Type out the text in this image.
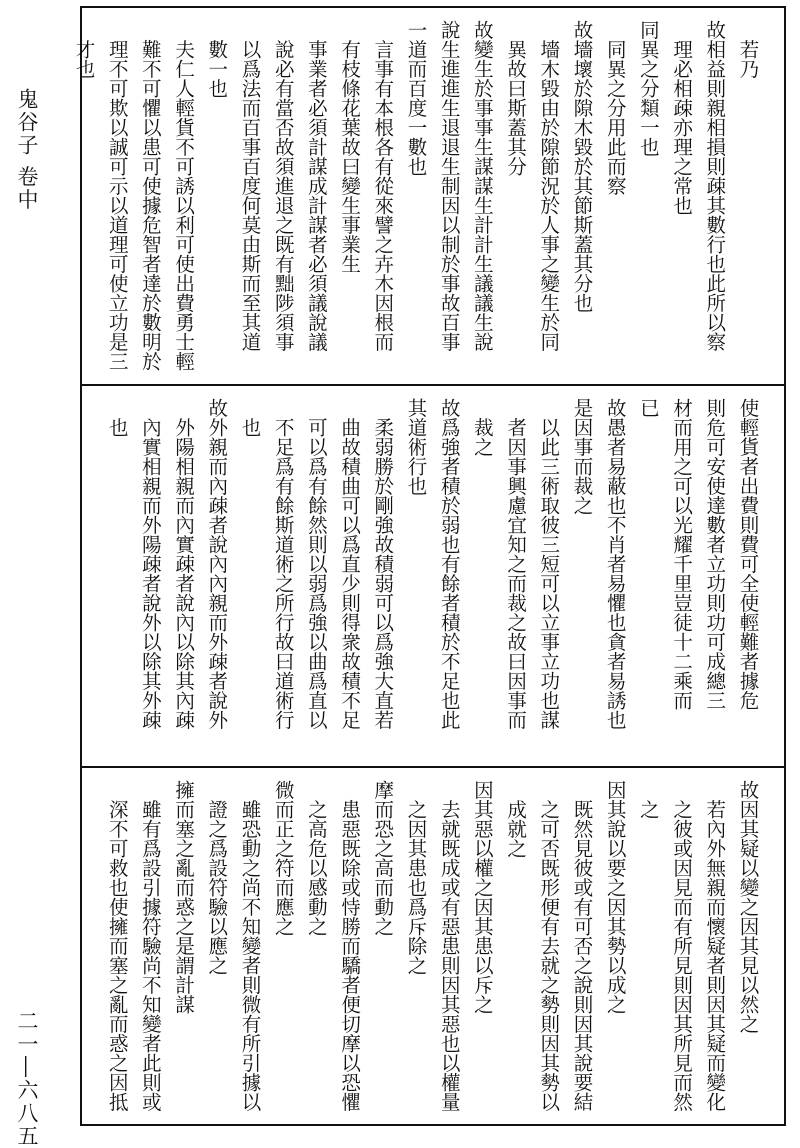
鬼谷子 卷中
二一―六八五
　若乃
故相益則親相損則疎其數行也此所以察
　理必相疎亦理之常也
同異之分類一也
　同異之分用此而察
故墻壞於隙木毀於其節斯蓋其分也
　墻木毀由於隙節況於人事之變生於同
　異故曰斯蓋其分
故變生於事事生謀謀生計計生議議生說
說生進進生退退生制因以制於事故百事
一道而百度一數也
　言事有本根各有從來譬之卉木因根而
　有枝條花葉故曰變生事業生
　事業者必須計謀成計謀者必須議說議
　說必有當否故須進退之既有黜陟須事
　以爲法而百事百度何莫由斯而至其道
　數一也
　夫仁人輕貨不可誘以利可使出費勇士輕
　難不可懼以患可使據危智者達於數明於
　理不可欺以誠可示以道理可使立功是三
　才也
使輕貨者出費則費可全使輕難者據危
則危可安使達數者立功則功可成總三
材而用之可以光耀千里豈徒十二乘而
已
故愚者易蔽也不肖者易懼也貪者易誘也
是因事而裁之
　以此三術取彼三短可以立事立功也謀
　者因事興慮宜知之而裁之故曰因事而
　裁之
故爲強者積於弱也有餘者積於不足也此
其道術行也
　柔弱勝於剛強故積弱可以爲強大直若
　曲故積曲可以爲直少則得衆故積不足
　可以爲有餘然則以弱爲強以曲爲直以
　不足爲有餘斯道術之所行故曰道術行
　也
故外親而內疎者說內內親而外疎者說外
　外陽相親而內實疎者說內以除其內疎
　內實相親而外陽疎者說外以除其外疎
　也
故因其疑以變之因其見以然之
　若內外無親而懷疑者則因其疑而變化
　之彼或因見而有所見則因其所見而然
　之
因其說以要之因其勢以成之
　既然見彼或有可否之說則因其說要結
　之可否既形便有去就之勢則因其勢以
　成就之
因其惡以權之因其患以斥之
　去就既成或有惡患則因其惡也以權量
　之因其患也爲斥除之
摩而恐之高而動之
　患惡既除或恃勝而驕者便切摩以恐懼
　之高危以感動之
微而正之符而應之
　雖恐動之尚不知變者則微有所引據以
　證之爲設符驗以應之
擁而塞之亂而惑之是謂計謀
　雖有爲設引據符驗尚不知變者此則或
　深不可救也使擁而塞之亂而惑之因抵
